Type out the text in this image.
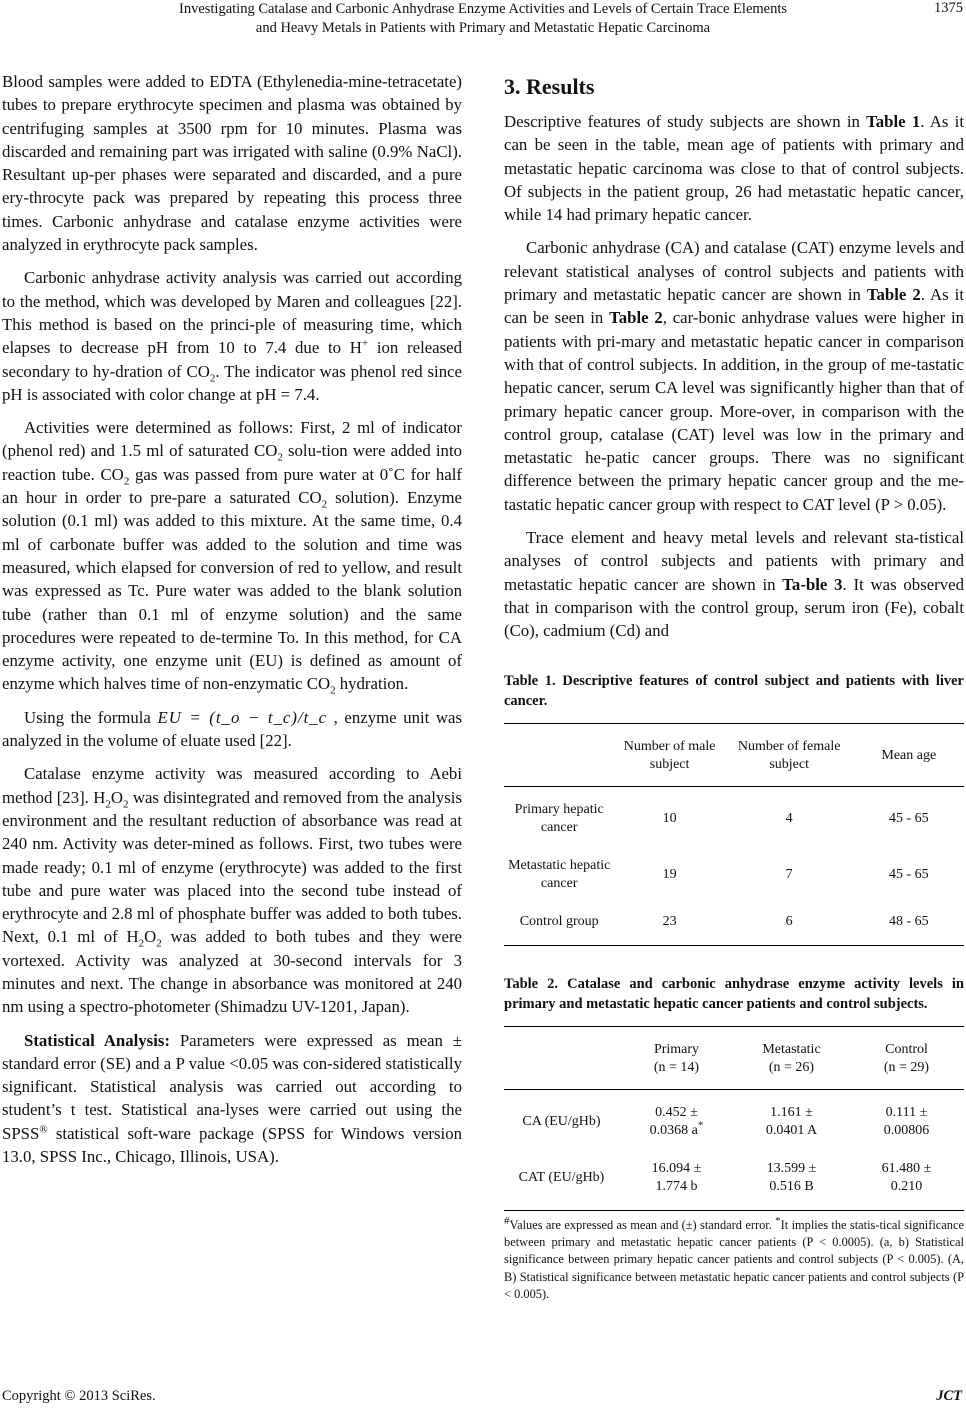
Investigating Catalase and Carbonic Anhydrase Enzyme Activities and Levels of Certain Trace Elements
and Heavy Metals in Patients with Primary and Metastatic Hepatic Carcinoma
1375

Blood samples were added to EDTA (Ethylenedia-mine-tetracetate) tubes to prepare erythrocyte specimen and plasma was obtained by centrifuging samples at 3500 rpm for 10 minutes. Plasma was discarded and remaining part was irrigated with saline (0.9% NaCl). Resultant up-per phases were separated and discarded, and a pure ery-throcyte pack was prepared by repeating this process three times. Carbonic anhydrase and catalase enzyme activities were analyzed in erythrocyte pack samples.

Carbonic anhydrase activity analysis was carried out according to the method, which was developed by Maren and colleagues [22]. This method is based on the princi-ple of measuring time, which elapses to decrease pH from 10 to 7.4 due to H+ ion released secondary to hy-dration of $CO_2$. The indicator was phenol red since pH is associated with color change at pH = 7.4.

Activities were determined as follows: First, 2 ml of indicator (phenol red) and 1.5 ml of saturated $CO_2$ solu-tion were added into reaction tube. $CO_2$ gas was passed from pure water at 0˚C for half an hour in order to pre-pare a saturated $CO_2$ solution). Enzyme solution (0.1 ml) was added to this mixture. At the same time, 0.4 ml of carbonate buffer was added to the solution and time was measured, which elapsed for conversion of red to yellow, and result was expressed as Tc. Pure water was added to the blank solution tube (rather than 0.1 ml of enzyme solution) and the same procedures were repeated to de-termine To. In this method, for CA enzyme activity, one enzyme unit (EU) is defined as amount of enzyme which halves time of non-enzymatic $CO_2$ hydration.

Using the formula EU = (t_o − t_c)/t_c , enzyme unit was analyzed in the volume of eluate used [22].

Catalase enzyme activity was measured according to Aebi method [23]. $H_2O_2$ was disintegrated and removed from the analysis environment and the resultant reduction of absorbance was read at 240 nm. Activity was deter-mined as follows. First, two tubes were made ready; 0.1 ml of enzyme (erythrocyte) was added to the first tube and pure water was placed into the second tube instead of erythrocyte and 2.8 ml of phosphate buffer was added to both tubes. Next, 0.1 ml of $H_2O_2$ was added to both tubes and they were vortexed. Activity was analyzed at 30-second intervals for 3 minutes and next. The change in absorbance was monitored at 240 nm using a spectro-photometer (Shimadzu UV-1201, Japan).

Statistical Analysis: Parameters were expressed as mean ± standard error (SE) and a P value <0.05 was con-sidered statistically significant. Statistical analysis was carried out according to student’s t test. Statistical ana-lyses were carried out using the SPSS® statistical soft-ware package (SPSS for Windows version 13.0, SPSS Inc., Chicago, Illinois, USA).

3. Results

Descriptive features of study subjects are shown in Table 1. As it can be seen in the table, mean age of patients with primary and metastatic hepatic carcinoma was close to that of control subjects. Of subjects in the patient group, 26 had metastatic hepatic cancer, while 14 had primary hepatic cancer.

Carbonic anhydrase (CA) and catalase (CAT) enzyme levels and relevant statistical analyses of control subjects and patients with primary and metastatic hepatic cancer are shown in Table 2. As it can be seen in Table 2, car-bonic anhydrase values were higher in patients with pri-mary and metastatic hepatic cancer in comparison with that of control subjects. In addition, in the group of me-tastatic hepatic cancer, serum CA level was significantly higher than that of primary hepatic cancer group. More-over, in comparison with the control group, catalase (CAT) level was low in the primary and metastatic he-patic cancer groups. There was no significant difference between the primary hepatic cancer group and the me-tastatic hepatic cancer group with respect to CAT level (P > 0.05).

Trace element and heavy metal levels and relevant sta-tistical analyses of control subjects and patients with primary and metastatic hepatic cancer are shown in Ta-ble 3. It was observed that in comparison with the control group, serum iron (Fe), cobalt (Co), cadmium (Cd) and

Table 1. Descriptive features of control subject and patients with liver cancer.
	Number of male subject	Number of female subject	Mean age
Primary hepatic cancer	10	4	45 - 65
Metastatic hepatic cancer	19	7	45 - 65
Control group	23	6	48 - 65
Table 2. Catalase and carbonic anhydrase enzyme activity levels in primary and metastatic hepatic cancer patients and control subjects.
	Primary
(n = 14)	Metastatic
(n = 26)	Control
(n = 29)
CA (EU/gHb)	0.452 ±
0.0368 a*	1.161 ±
0.0401 A	0.111 ±
0.00806
CAT (EU/gHb)	16.094 ±
1.774 b	13.599 ±
0.516 B	61.480 ±
0.210
#Values are expressed as mean and (±) standard error. *It implies the statis-tical significance between primary and metastatic hepatic cancer patients (P < 0.0005). (a, b) Statistical significance between primary hepatic cancer patients and control subjects (P < 0.005). (A, B) Statistical significance between metastatic hepatic cancer patients and control subjects (P < 0.005).
Copyright © 2013 SciRes.	JCT
